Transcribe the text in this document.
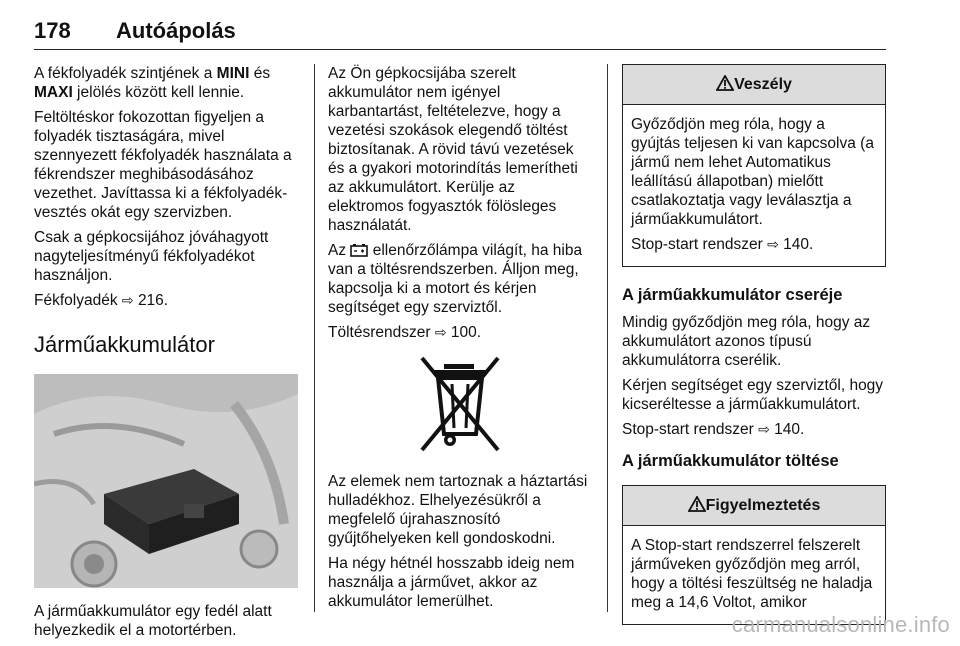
178 Autóápolás

A fékfolyadék szintjének a MINI és MAXI jelölés között kell lennie.

Feltöltéskor fokozottan figyeljen a folyadék tisztaságára, mivel szennyezett fékfolyadék használata a fékrendszer meghibásodásához vezethet. Javíttassa ki a fékfolyadék-vesztés okát egy szervizben.

Csak a gépkocsijához jóváhagyott nagyteljesítményű fékfolyadékot használjon.

Fékfolyadék ⇨ 216.

Járműakkumulátor

A járműakkumulátor egy fedél alatt helyezkedik el a motortérben.

Az Ön gépkocsijába szerelt akkumulátor nem igényel karbantartást, feltételezve, hogy a vezetési szokások elegendő töltést biztosítanak. A rövid távú vezetések és a gyakori motorindítás lemerítheti az akkumulátort. Kerülje az elektromos fogyasztók fölösleges használatát.

Az  ellenőrzőlámpa világít, ha hiba van a töltésrendszerben. Álljon meg, kapcsolja ki a motort és kérjen segítséget egy szerviztől.

Töltésrendszer ⇨ 100.

Az elemek nem tartoznak a háztartási hulladékhoz. Elhelyezésükről a megfelelő újrahasznosító gyűjtőhelyeken kell gondoskodni.

Ha négy hétnél hosszabb ideig nem használja a járművet, akkor az akkumulátor lemerülhet.

Veszély

Győződjön meg róla, hogy a gyújtás teljesen ki van kapcsolva (a jármű nem lehet Automatikus leállítású állapotban) mielőtt csatlakoztatja vagy leválasztja a járműakkumulátort.

Stop-start rendszer ⇨ 140.

A járműakkumulátor cseréje

Mindig győződjön meg róla, hogy az akkumulátort azonos típusú akkumulátorra cserélik.

Kérjen segítséget egy szerviztől, hogy kicseréltesse a járműakkumulátort.

Stop-start rendszer ⇨ 140.

A járműakkumulátor töltése
Figyelmeztetés

A Stop-start rendszerrel felszerelt járműveken győződjön meg arról, hogy a töltési feszültség ne haladja meg a 14,6 Voltot, amikor

carmanualsonline.info
